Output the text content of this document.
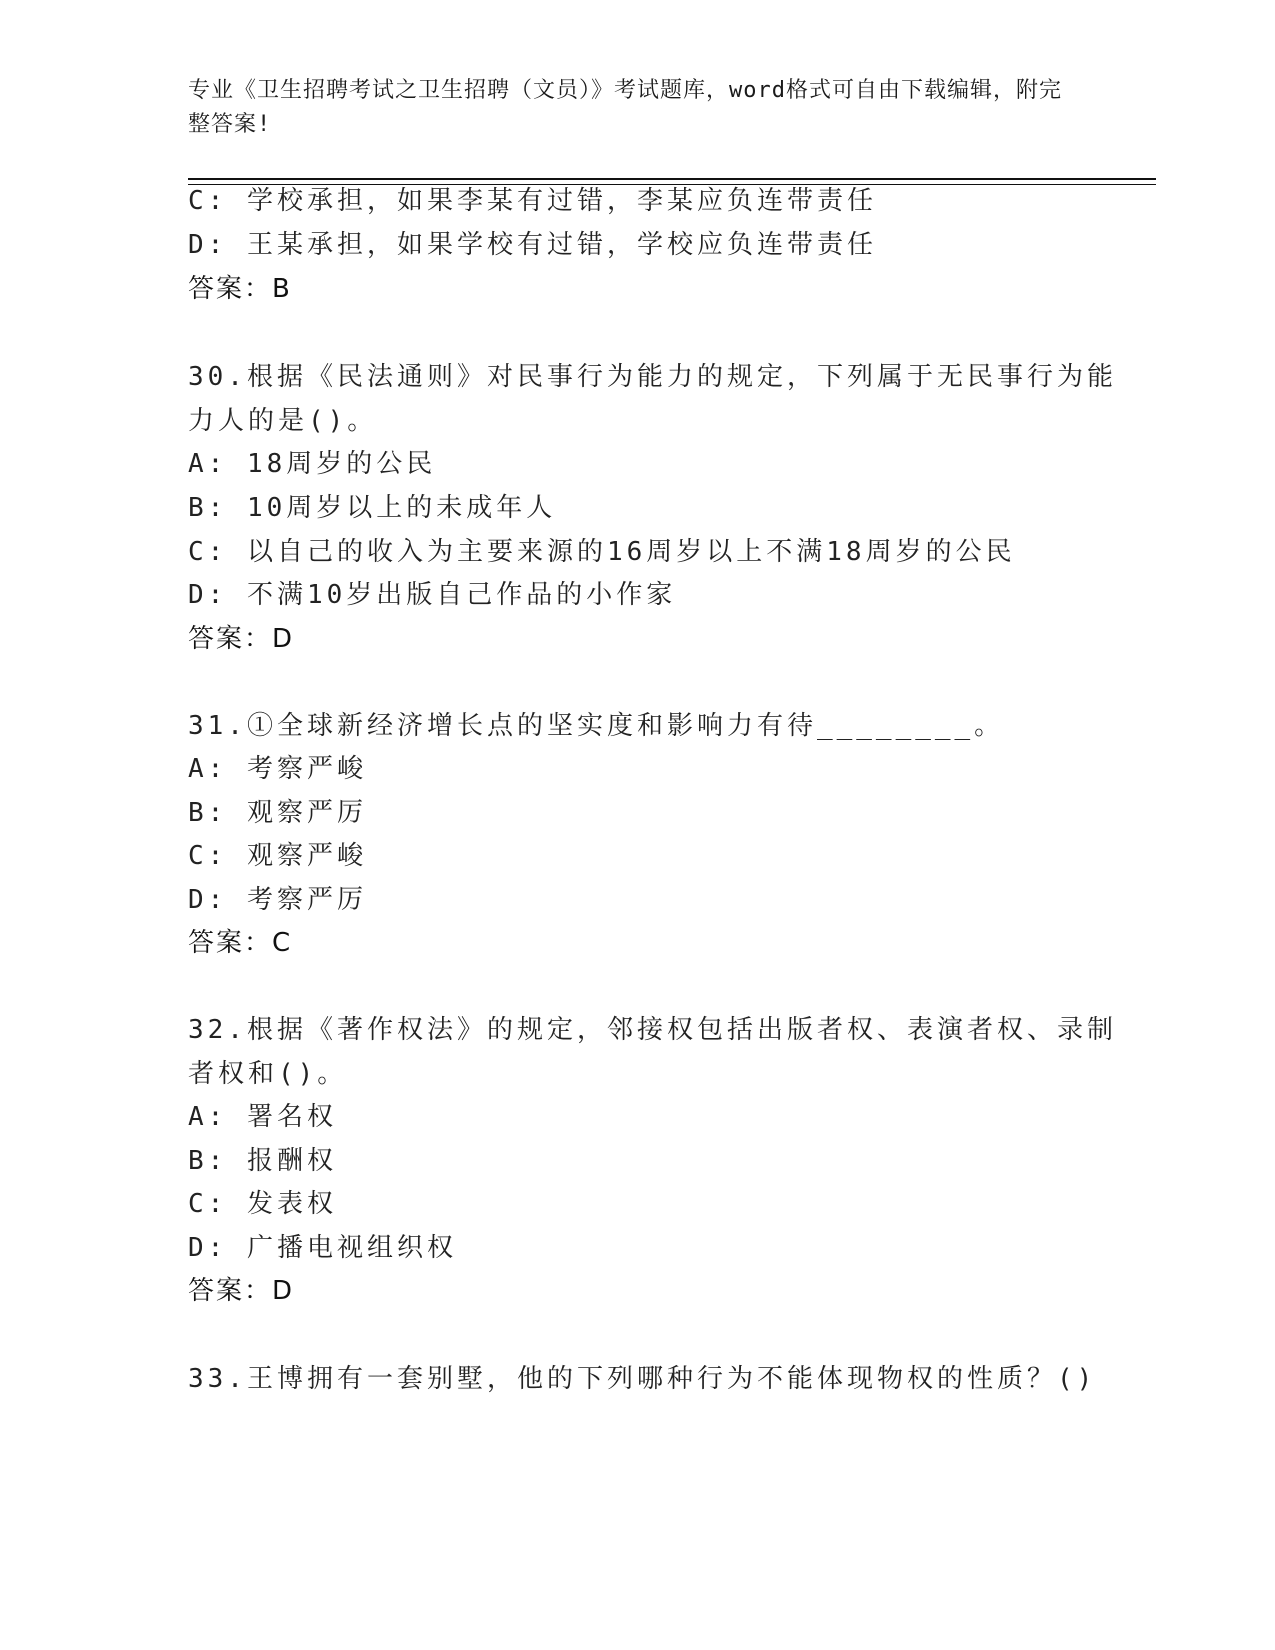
专业《卫生招聘考试之卫生招聘（文员）》考试题库，word格式可自由下载编辑，附完整答案!
C: 学校承担，如果李某有过错，李某应负连带责任
D: 王某承担，如果学校有过错，学校应负连带责任
答案：B
30.根据《民法通则》对民事行为能力的规定，下列属于无民事行为能
力人的是()。
A: 18周岁的公民
B: 10周岁以上的未成年人
C: 以自己的收入为主要来源的16周岁以上不满18周岁的公民
D: 不满10岁出版自己作品的小作家
答案：D
31.①全球新经济增长点的坚实度和影响力有待________。
A: 考察严峻
B: 观察严厉
C: 观察严峻
D: 考察严厉
答案：C
32.根据《著作权法》的规定，邻接权包括出版者权、表演者权、录制
者权和()。
A: 署名权
B: 报酬权
C: 发表权
D: 广播电视组织权
答案：D
33.王博拥有一套别墅，他的下列哪种行为不能体现物权的性质？()
